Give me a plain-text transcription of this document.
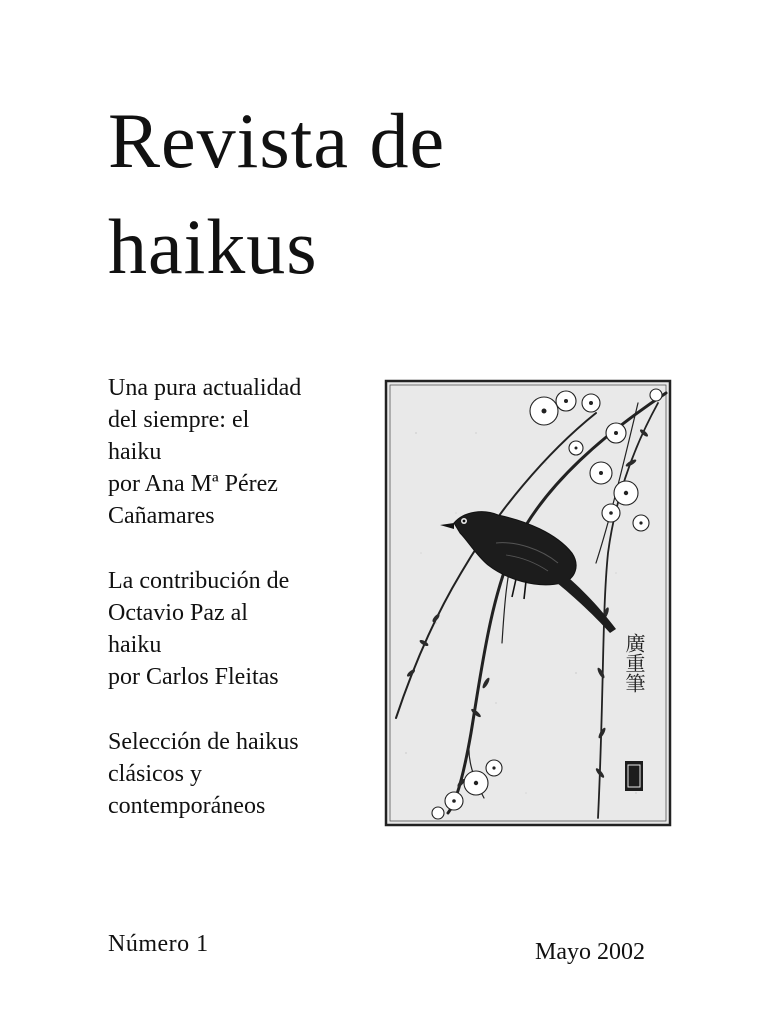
Revista de
haikus
Una pura actualidad
del siempre: el
haiku
por Ana Mª Pérez
Cañamares
La contribución de
Octavio Paz al
haiku
por Carlos Fleitas
Selección de haikus
clásicos y
contemporáneos
廣重筆
Número 1	Mayo 2002
